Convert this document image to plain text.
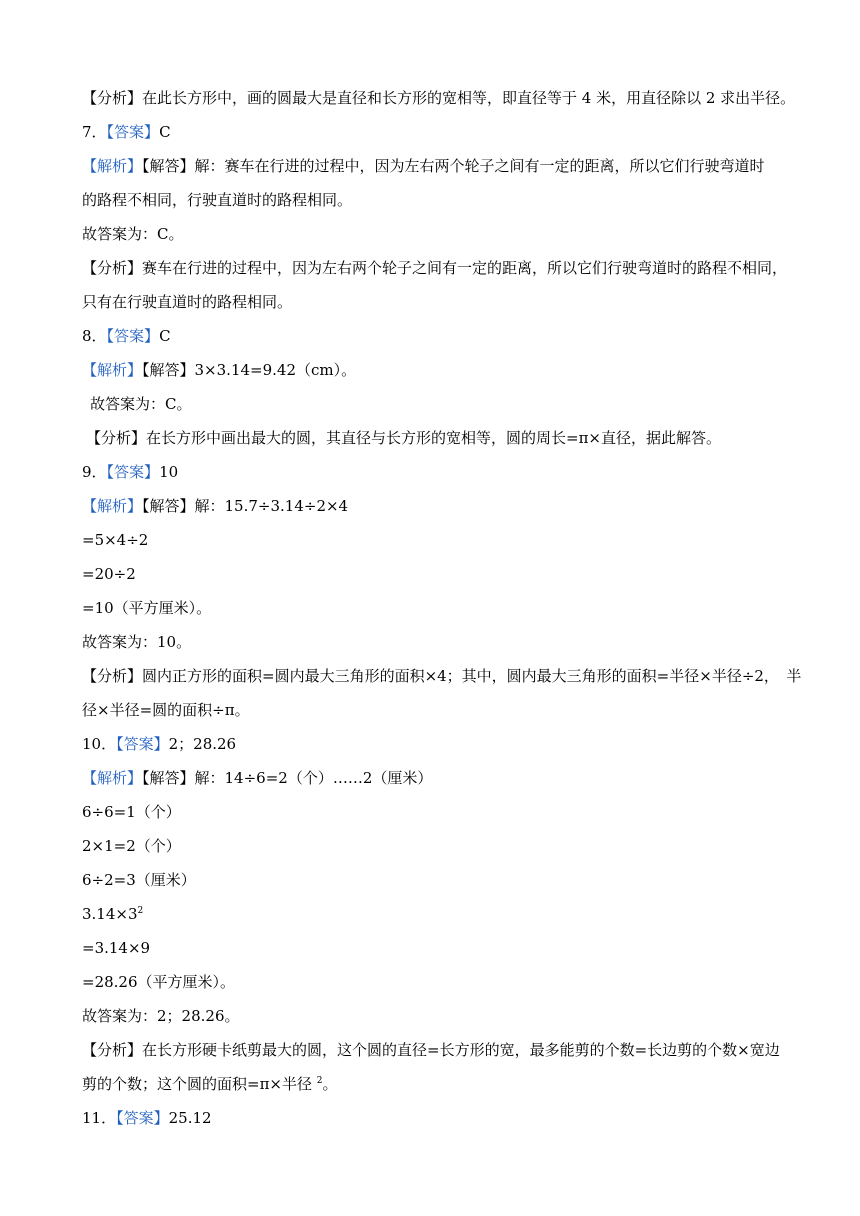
【分析】在此长方形中，画的圆最大是直径和长方形的宽相等，即直径等于 4 米，用直径除以 2 求出半径。
7．【答案】C
【解析】【解答】解：赛车在行进的过程中，因为左右两个轮子之间有一定的距离，所以它们行驶弯道时
的路程不相同，行驶直道时的路程相同。
故答案为：C。
【分析】赛车在行进的过程中，因为左右两个轮子之间有一定的距离，所以它们行驶弯道时的路程不相同，
只有在行驶直道时的路程相同。
8．【答案】C
【解析】【解答】3×3.14=9.42（cm）。
故答案为：C。
【分析】在长方形中画出最大的圆，其直径与长方形的宽相等，圆的周长=π×直径，据此解答。
9．【答案】10
【解析】【解答】解：15.7÷3.14÷2×4
=5×4÷2
=20÷2
=10（平方厘米）。
故答案为：10。
【分析】圆内正方形的面积=圆内最大三角形的面积×4；其中，圆内最大三角形的面积=半径×半径÷2，　半
径×半径=圆的面积÷π。
10．【答案】2；28.26
【解析】【解答】解：14÷6=2（个）……2（厘米）
6÷6=1（个）
2×1=2（个）
6÷2=3（厘米）
$3.14\times 3^2$
=3.14×9
=28.26（平方厘米）。
故答案为：2；28.26。
【分析】在长方形硬卡纸剪最大的圆，这个圆的直径=长方形的宽，最多能剪的个数=长边剪的个数×宽边
剪的个数；这个圆的面积=π×半径 $^2$。
11．【答案】25.12
